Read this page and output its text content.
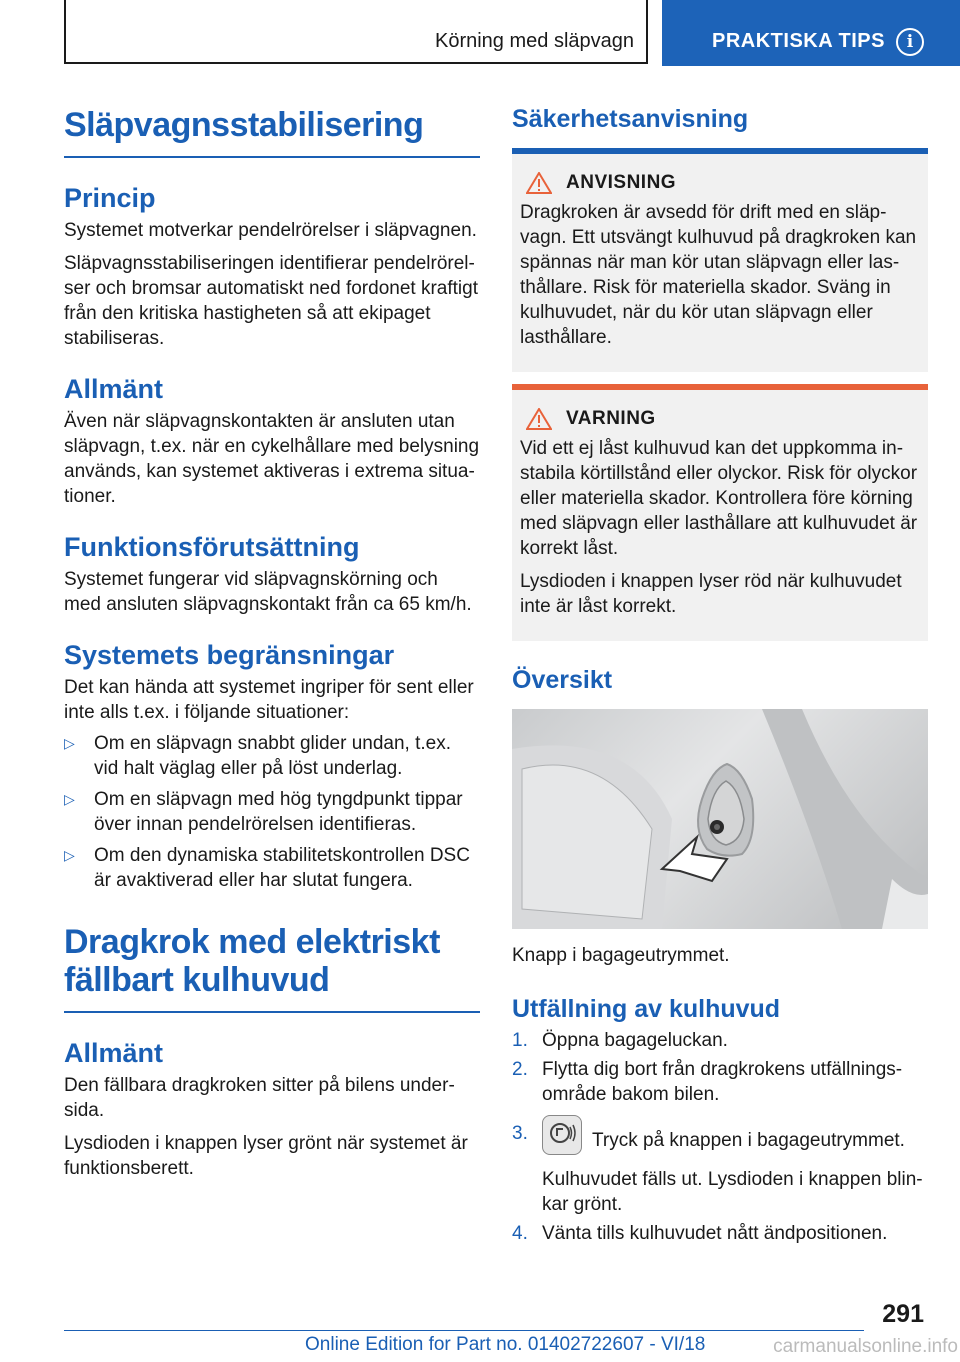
Körning med släpvagn	PRAKTISKA TIPS	i
Släpvagnsstabilisering
Princip

Systemet motverkar pendelrörelser i släpvagnen.

Släpvagnsstabiliseringen identifierar pendelrörelser och bromsar automatiskt ned fordonet kraftigt från den kritiska hastigheten så att ekipaget stabiliseras.

Allmänt

Även när släpvagnskontakten är ansluten utan släpvagn, t.ex. när en cykelhållare med belysning används, kan systemet aktiveras i extrema situationer.

Funktionsförutsättning

Systemet fungerar vid släpvagnskörning och med ansluten släpvagnskontakt från ca 65 km/h.

Systemets begränsningar

Det kan hända att systemet ingriper för sent eller inte alls t.ex. i följande situationer:

▷ Om en släpvagn snabbt glider undan, t.ex. vid halt väglag eller på löst underlag.
▷ Om en släpvagn med hög tyngdpunkt tippar över innan pendelrörelsen identifieras.
▷ Om den dynamiska stabilitetskontrollen DSC är avaktiverad eller har slutat fungera.
Dragkrok med elektriskt fällbart kulhuvud
Allmänt

Den fällbara dragkroken sitter på bilens undersida.

Lysdioden i knappen lyser grönt när systemet är funktionsberett.

Säkerhetsanvisning
ANVISNING

Dragkroken är avsedd för drift med en släpvagn. Ett utsvängt kulhuvud på dragkroken kan spännas när man kör utan släpvagn eller lasthållare. Risk för materiella skador. Sväng in kulhuvudet, när du kör utan släpvagn eller lasthållare.

VARNING

Vid ett ej låst kulhuvud kan det uppkomma instabila körtillstånd eller olyckor. Risk för olyckor eller materiella skador. Kontrollera före körning med släpvagn eller lasthållare att kulhuvudet är korrekt låst.

Lysdioden i knappen lyser röd när kulhuvudet inte är låst korrekt.

Översikt

Knapp i bagageutrymmet.

Utfällning av kulhuvud
1. Öppna bagageluckan.
2. Flytta dig bort från dragkrokens utfällningsområde bakom bilen.
3.	Tryck på knappen i bagageutrymmet.

Kulhuvudet fälls ut. Lysdioden i knappen blinkar grönt.

4. Vänta tills kulhuvudet nått ändpositionen.
291
Online Edition for Part no. 01402722607 - VI/18	carmanualsonline.info
